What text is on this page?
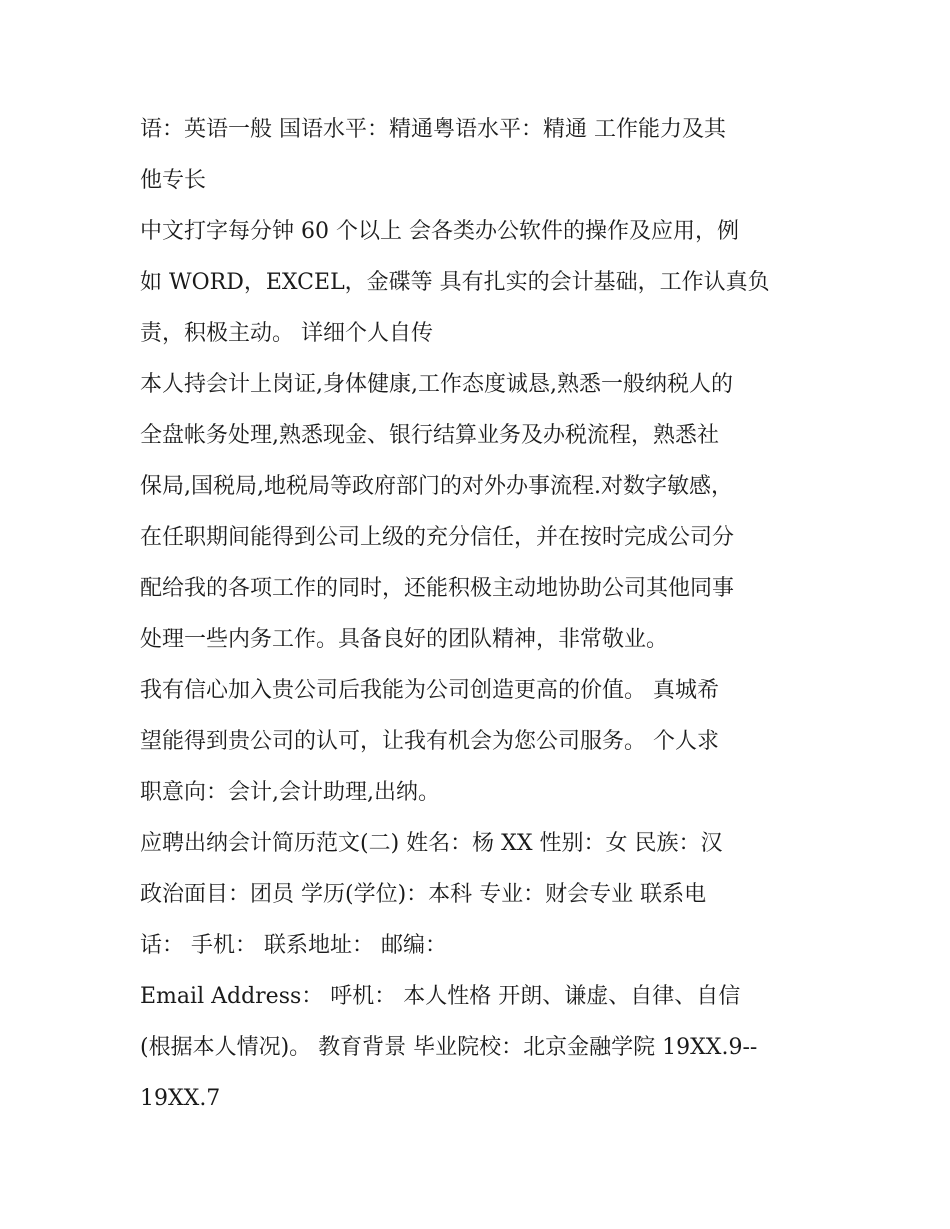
语：英语一般 国语水平：精通粤语水平：精通 工作能力及其
他专长

中文打字每分钟 60 个以上 会各类办公软件的操作及应用，例
如 WORD，EXCEL，金碟等 具有扎实的会计基础，工作认真负
责，积极主动。 详细个人自传

本人持会计上岗证,身体健康,工作态度诚恳,熟悉一般纳税人的
全盘帐务处理,熟悉现金、银行结算业务及办税流程，熟悉社
保局,国税局,地税局等政府部门的对外办事流程.对数字敏感，
在任职期间能得到公司上级的充分信任，并在按时完成公司分
配给我的各项工作的同时，还能积极主动地协助公司其他同事
处理一些内务工作。具备良好的团队精神，非常敬业。

我有信心加入贵公司后我能为公司创造更高的价值。 真城希
望能得到贵公司的认可，让我有机会为您公司服务。 个人求
职意向：会计,会计助理,出纳。

应聘出纳会计简历范文(二) 姓名：杨 XX 性别：女 民族：汉
政治面目：团员 学历(学位)：本科 专业：财会专业 联系电
话： 手机： 联系地址： 邮编：

Email Address： 呼机： 本人性格 开朗、谦虚、自律、自信
(根据本人情况)。 教育背景 毕业院校：北京金融学院 19XX.9--
19XX.7
